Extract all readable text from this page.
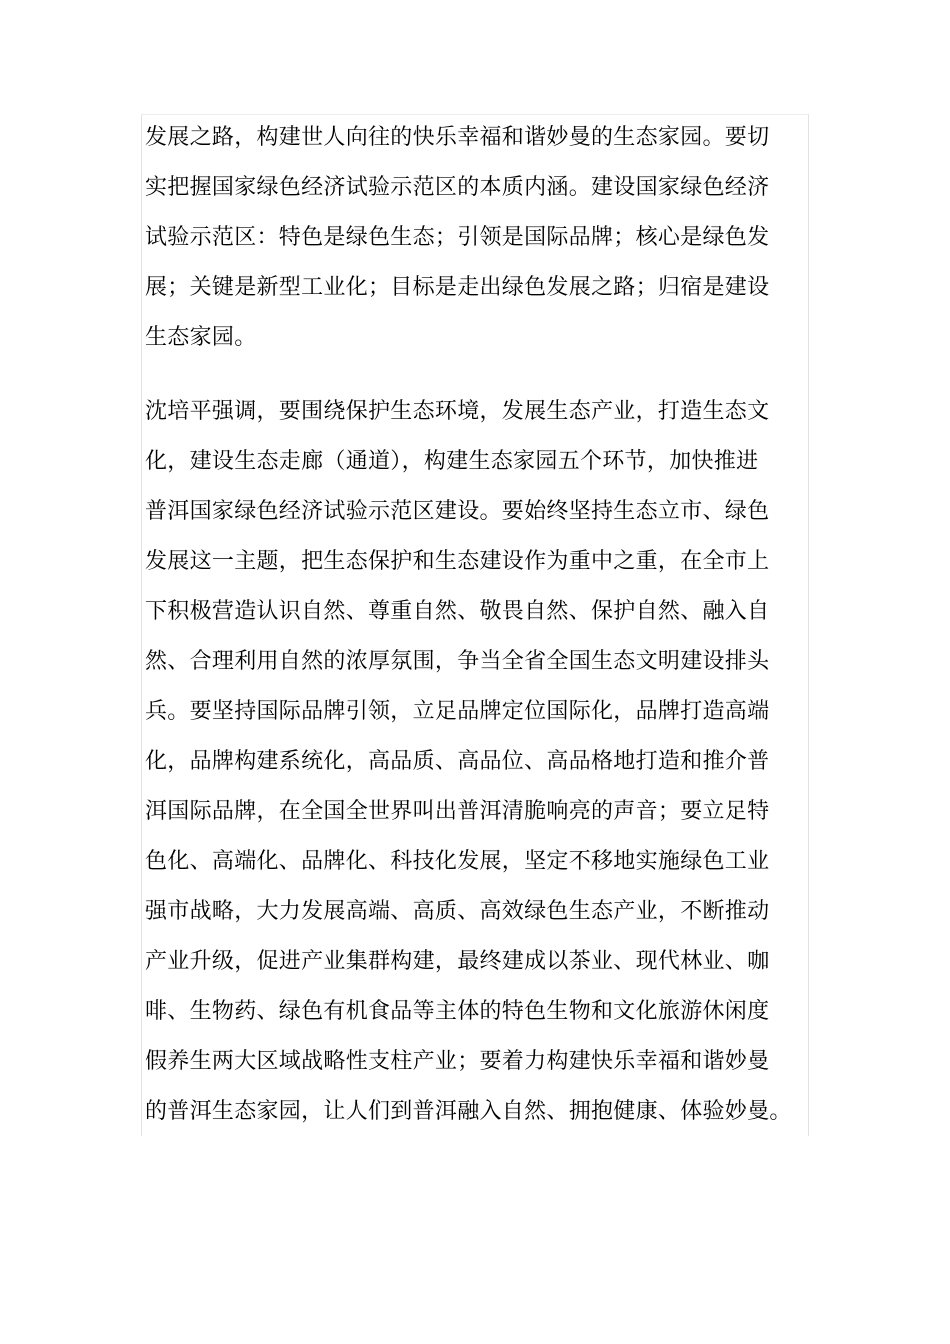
发展之路，构建世人向往的快乐幸福和谐妙曼的生态家园。要切
实把握国家绿色经济试验示范区的本质内涵。建设国家绿色经济
试验示范区：特色是绿色生态；引领是国际品牌；核心是绿色发
展；关键是新型工业化；目标是走出绿色发展之路；归宿是建设
生态家园。

沈培平强调，要围绕保护生态环境，发展生态产业，打造生态文
化，建设生态走廊（通道），构建生态家园五个环节，加快推进
普洱国家绿色经济试验示范区建设。要始终坚持生态立市、绿色
发展这一主题，把生态保护和生态建设作为重中之重，在全市上
下积极营造认识自然、尊重自然、敬畏自然、保护自然、融入自
然、合理利用自然的浓厚氛围，争当全省全国生态文明建设排头
兵。要坚持国际品牌引领，立足品牌定位国际化，品牌打造高端
化，品牌构建系统化，高品质、高品位、高品格地打造和推介普
洱国际品牌，在全国全世界叫出普洱清脆响亮的声音；要立足特
色化、高端化、品牌化、科技化发展，坚定不移地实施绿色工业
强市战略，大力发展高端、高质、高效绿色生态产业，不断推动
产业升级，促进产业集群构建，最终建成以茶业、现代林业、咖
啡、生物药、绿色有机食品等主体的特色生物和文化旅游休闲度
假养生两大区域战略性支柱产业；要着力构建快乐幸福和谐妙曼
的普洱生态家园，让人们到普洱融入自然、拥抱健康、体验妙曼。
